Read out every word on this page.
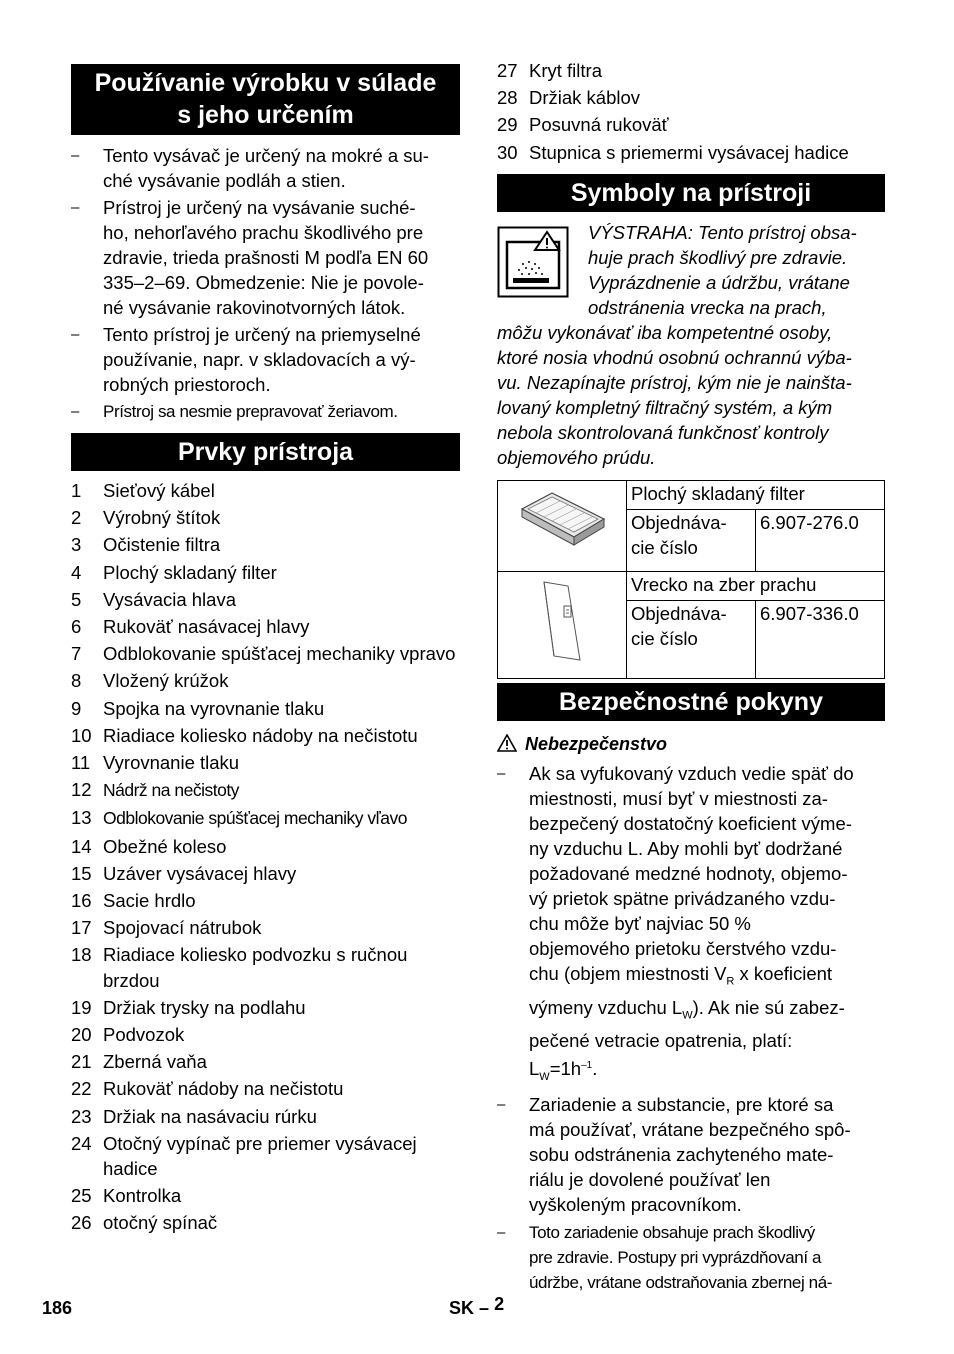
Používanie výrobku v súlade
s jeho určením
– Tento vysávač je určený na mokré a su-
ché vysávanie podláh a stien.
– Prístroj je určený na vysávanie suché-
ho, nehorľavého prachu škodlivého pre
zdravie, trieda prašnosti M podľa EN 60
335–2–69. Obmedzenie: Nie je povole-
né vysávanie rakovinotvorných látok.
– Tento prístroj je určený na priemyselné
používanie, napr. v skladovacích a vý-
robných priestoroch.
– Prístroj sa nesmie prepravovať žeriavom.
Prvky prístroja
1 Sieťový kábel
2 Výrobný štítok
3 Očistenie filtra
4 Plochý skladaný filter
5 Vysávacia hlava
6 Rukoväť nasávacej hlavy
7 Odblokovanie spúšťacej mechaniky vpravo
8 Vložený krúžok
9 Spojka na vyrovnanie tlaku
10 Riadiace koliesko nádoby na nečistotu
11 Vyrovnanie tlaku
12 Nádrž na nečistoty
13 Odblokovanie spúšťacej mechaniky vľavo
14 Obežné koleso
15 Uzáver vysávacej hlavy
16 Sacie hrdlo
17 Spojovací nátrubok
18 Riadiace koliesko podvozku s ručnou brzdou
19 Držiak trysky na podlahu
20 Podvozok
21 Zberná vaňa
22 Rukoväť nádoby na nečistotu
23 Držiak na nasávaciu rúrku
24 Otočný vypínač pre priemer vysávacej hadice
25 Kontrolka
26 otočný spínač
27 Kryt filtra
28 Držiak káblov
29 Posuvná rukoväť
30 Stupnica s priemermi vysávacej hadice
Symboly na prístroji
VÝSTRAHA: Tento prístroj obsa-
huje prach škodlivý pre zdravie.
Vyprázdnenie a údržbu, vrátane
odstránenia vrecka na prach,
môžu vykonávať iba kompetentné osoby,
ktoré nosia vhodnú osobnú ochrannú výba-
vu. Nezapínajte prístroj, kým nie je nainšta-
lovaný kompletný filtračný systém, a kým
nebola skontrolovaná funkčnosť kontroly
objemového prúdu.
	Plochý skladaný filter	
	Objednáva-
cie číslo	6.907-276.0
	Vrecko na zber prachu	
	Objednáva-
cie číslo	6.907-336.0
Bezpečnostné pokyny
Nebezpečenstvo
– Ak sa vyfukovaný vzduch vedie späť do
miestnosti, musí byť v miestnosti za-
bezpečený dostatočný koeficient výme-
ny vzduchu L. Aby mohli byť dodržané
požadované medzné hodnoty, objemo-
vý prietok spätne privádzaného vzdu-
chu môže byť najviac 50 %
objemového prietoku čerstvého vzdu-
chu (objem miestnosti $V_R$ x koeficient
výmeny vzduchu $L_W$). Ak nie sú zabez-
pečené vetracie opatrenia, platí:
$L_W=1h^{-1}$.
– Zariadenie a substancie, pre ktoré sa
má používať, vrátane bezpečného spô-
sobu odstránenia zachyteného mate-
riálu je dovolené používať len
vyškoleným pracovníkom.
– Toto zariadenie obsahuje prach škodlivý
pre zdravie. Postupy pri vyprázdňovaní a
údržbe, vrátane odstraňovania zbernej ná-
186	SK – 2
